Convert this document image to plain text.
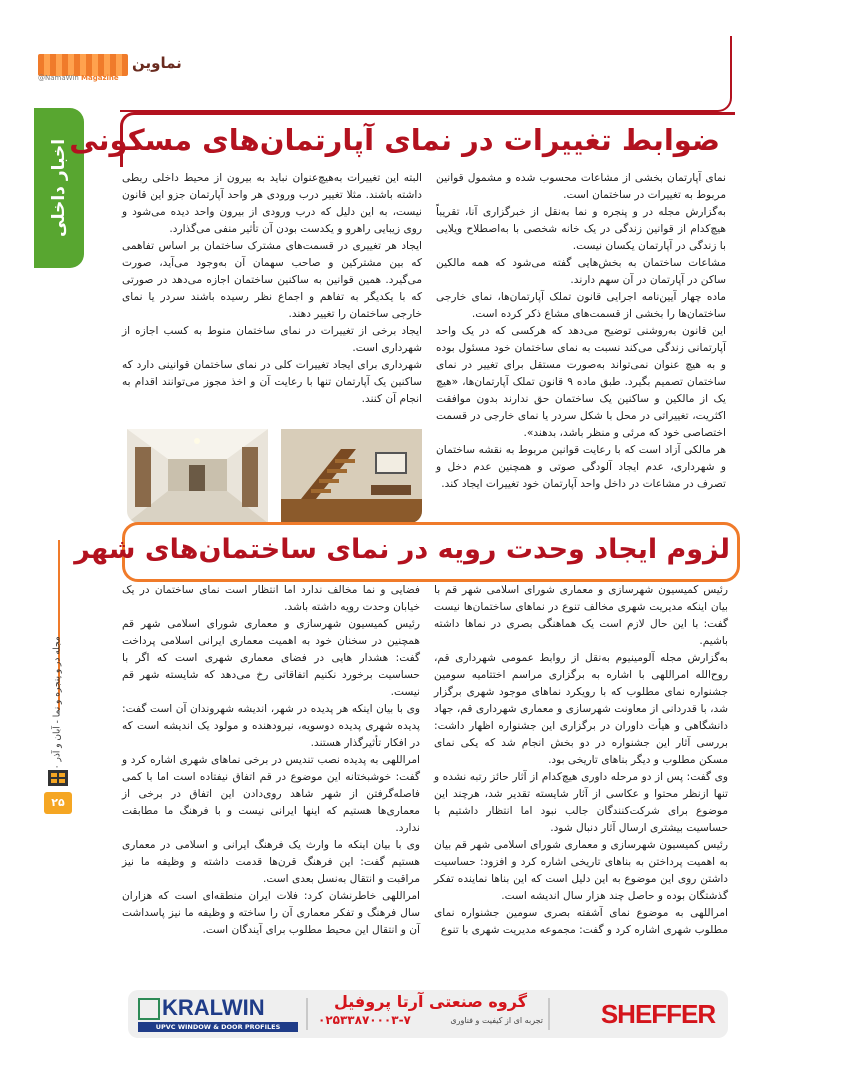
نماوین
@NamaWin Magazine
اخبار داخلی
مجله در و پنجره و نما - آبان و آذر
۲۵
ضوابط تغییرات در نمای آپارتمان‌های مسکونی

نمای آپارتمان بخشی از مشاعات محسوب شده و مشمول قوانین مربوط به تغییرات در ساختمان است.

به‌گزارش مجله در و پنجره و نما به‌نقل از خبرگزاری آنا، تقریباً هیچ‌کدام از قوانین زندگی در یک خانه شخصی با به‌اصطلاح ویلایی با زندگی در آپارتمان یکسان نیست.

مشاعات ساختمان به بخش‌هایی گفته می‌شود که همه مالکین ساکن در آپارتمان در آن سهم دارند.

ماده چهار آیین‌نامه اجرایی قانون تملک آپارتمان‌ها، نمای خارجی ساختمان‌ها را بخشی از قسمت‌های مشاع ذکر کرده است.

این قانون به‌روشنی توضیح می‌دهد که هرکسی که در یک واحد آپارتمانی زندگی می‌کند نسبت به نمای ساختمان خود مسئول بوده و به هیچ عنوان نمی‌تواند به‌صورت مستقل برای تغییر در نمای ساختمان تصمیم بگیرد. طبق ماده ۹ قانون تملک آپارتمان‌ها، «هیچ یک از مالکین و ساکنین یک ساختمان حق ندارند بدون موافقت اکثریت، تغییراتی در محل با شکل سردر یا نمای خارجی در قسمت اختصاصی خود که مرئی و منظر باشد، بدهند».

هر مالکی آزاد است که با رعایت قوانین مربوط به نقشه ساختمان و شهرداری، عدم ایجاد آلودگی صوتی و همچنین عدم دخل و تصرف در مشاعات در داخل واحد آپارتمان خود تغییرات ایجاد کند.

البته این تغییرات به‌هیچ‌عنوان نباید به بیرون از محیط داخلی ربطی داشته باشند. مثلا تغییر درب ورودی هر واحد آپارتمان جزو این قانون نیست، به این دلیل که درب ورودی از بیرون واحد دیده می‌شود و روی زیبایی راهرو و یکدست بودن آن تأثیر منفی می‌گذارد.

ایجاد هر تغییری در قسمت‌های مشترک ساختمان بر اساس تفاهمی که بین مشترکین و صاحب سهمان آن به‌وجود می‌آید، صورت می‌گیرد. همین قوانین به ساکنین ساختمان اجازه می‌دهد در صورتی که با یکدیگر به تفاهم و اجماع نظر رسیده باشند سردر یا نمای خارجی ساختمان را تغییر دهند.

ایجاد برخی از تغییرات در نمای ساختمان منوط به کسب اجازه از شهرداری است.

شهرداری برای ایجاد تغییرات کلی در نمای ساختمان قوانینی دارد که ساکنین یک آپارتمان تنها با رعایت آن و اخذ مجوز می‌توانند اقدام به انجام آن کنند.

لزوم ایجاد وحدت رویه در نمای ساختمان‌های شهر

رئیس کمیسیون شهرسازی و معماری شورای اسلامی شهر قم با بیان اینکه مدیریت شهری مخالف تنوع در نماهای ساختمان‌ها نیست گفت: با این حال لازم است یک هماهنگی بصری در نماها داشته باشیم.

به‌گزارش مجله آلومینیوم به‌نقل از روابط عمومی شهرداری قم، روح‌الله امراللهی با اشاره به برگزاری مراسم اختتامیه سومین جشنواره نمای مطلوب که با رویکرد نماهای موجود شهری برگزار شد، با قدردانی از معاونت شهرسازی و معماری شهرداری قم، جهاد دانشگاهی و هیأت داوران در برگزاری این جشنواره اظهار داشت: بررسی آثار این جشنواره در دو بخش انجام شد که یکی نمای مسکن مطلوب و دیگر بناهای تاریخی بود.

وی گفت: پس از دو مرحله داوری هیچ‌کدام از آثار حائز رتبه نشده و تنها ازنظر محتوا و عکاسی از آثار شایسته تقدیر شد، هرچند این موضوع برای شرکت‌کنندگان جالب نبود اما انتظار داشتیم با حساسیت بیشتری ارسال آثار دنبال شود.

رئیس کمیسیون شهرسازی و معماری شورای اسلامی شهر قم بیان به اهمیت پرداختن به بناهای تاریخی اشاره کرد و افزود: حساسیت داشتن روی این موضوع به این دلیل است که این بناها نماینده تفکر گذشتگان بوده و حاصل چند هزار سال اندیشه است.

امراللهی به موضوع نمای آشفته بصری سومین جشنواره نمای مطلوب شهری اشاره کرد و گفت: مجموعه مدیریت شهری با تنوع

فضایی و نما مخالف ندارد اما انتظار است نمای ساختمان در یک خیابان وحدت رویه داشته باشد.

رئیس کمیسیون شهرسازی و معماری شورای اسلامی شهر قم همچنین در سخنان خود به اهمیت معماری ایرانی اسلامی پرداخت گفت: هشدار هایی در فضای معماری شهری است که اگر با حساسیت برخورد نکنیم اتفاقاتی رخ می‌دهد که شایسته شهر قم نیست.

وی با بیان اینکه هر پدیده در شهر، اندیشه شهروندان آن است گفت: پدیده شهری پدیده دوسویه، نیرودهنده و مولود یک اندیشه است که در افکار تأثیرگذار هستند.

امراللهی به پدیده نصب تندیس در برخی نماهای شهری اشاره کرد و گفت: خوشبختانه این موضوع در قم اتفاق نیفتاده است اما با کمی فاصله‌گرفتن از شهر شاهد روی‌دادن این اتفاق در برخی از معماری‌ها هستیم که اینها ایرانی نیست و با فرهنگ ما مطابقت ندارد.

وی با بیان اینکه ما وارث یک فرهنگ ایرانی و اسلامی در معماری هستیم گفت: این فرهنگ قرن‌ها قدمت داشته و وظیفه ما نیز مراقبت و انتقال به‌نسل بعدی است.

امراللهی خاطرنشان کرد: فلات ایران منطقه‌ای است که هزاران سال فرهنگ و تفکر معماری آن را ساخته و وظیفه ما نیز پاسداشت آن و انتقال این محیط مطلوب برای آیندگان است.

KRALWIN
UPVC WINDOW & DOOR PROFILES
گروه صنعتی آرتا پروفیل
تجربه ای از کیفیت و فناوری
۰۲۵۳۳۸۷۰۰۰۳-۷	SHEFFER
